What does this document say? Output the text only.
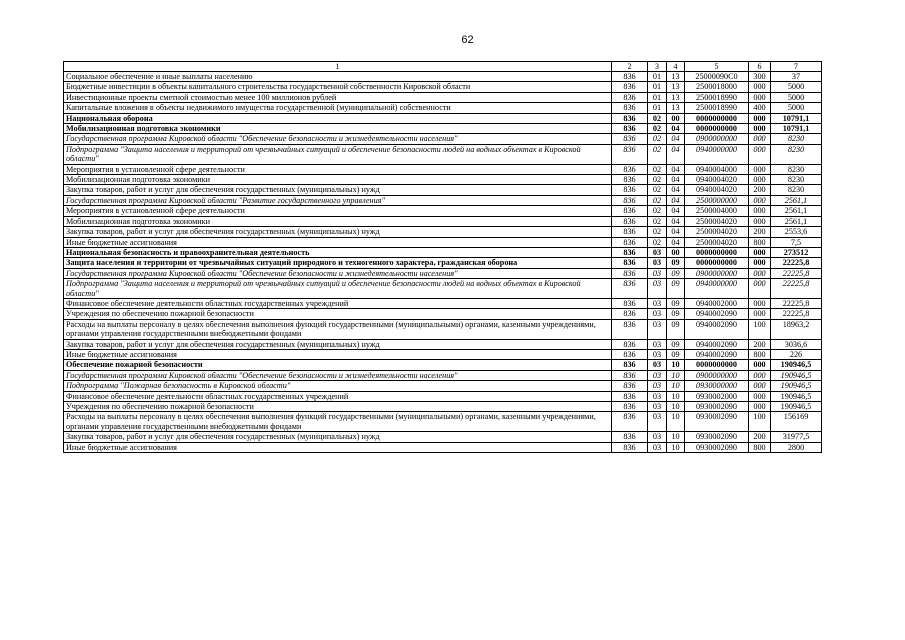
62
1	2	3	4	5	6	7
Социальное обеспечение и иные выплаты населению	836	01	13	25000090С0	300	37
Бюджетные инвестиции в объекты капитального строительства государственной собственности Кировской области	836	01	13	2500018000	000	5000
Инвестиционные проекты сметной стоимостью менее 100 миллионов рублей	836	01	13	2500018990	000	5000
Капитальные вложения в объекты недвижимого имущества государственной (муниципальной) собственности	836	01	13	2500018990	400	5000
Национальная оборона	836	02	00	0000000000	000	10791,1
Мобилизационная подготовка экономики	836	02	04	0000000000	000	10791,1
Государственная программа Кировской области "Обеспечение безопасности и жизнедеятельности населения"	836	02	04	0900000000	000	8230
Подпрограмма "Защита населения и территорий от чрезвычайных ситуаций и обеспечение безопасности людей на водных объектах в Кировской области"	836	02	04	0940000000	000	8230
Мероприятия в установленной сфере деятельности	836	02	04	0940004000	000	8230
Мобилизационная подготовка экономики	836	02	04	0940004020	000	8230
Закупка товаров, работ и услуг для обеспечения государственных (муниципальных) нужд	836	02	04	0940004020	200	8230
Государственная программа Кировской области "Развитие государственного управления"	836	02	04	2500000000	000	2561,1
Мероприятия в установленной сфере деятельности	836	02	04	2500004000	000	2561,1
Мобилизационная подготовка экономики	836	02	04	2500004020	000	2561,1
Закупка товаров, работ и услуг для обеспечения государственных (муниципальных) нужд	836	02	04	2500004020	200	2553,6
Иные бюджетные ассигнования	836	02	04	2500004020	800	7,5
Национальная безопасность и правоохранительная деятельность	836	03	00	0000000000	000	273512
Защита населения и территории от чрезвычайных ситуаций природного и техногенного характера, гражданская оборона	836	03	09	0000000000	000	22225,8
Государственная программа Кировской области "Обеспечение безопасности и жизнедеятельности населения"	836	03	09	0900000000	000	22225,8
Подпрограмма "Защита населения и территорий от чрезвычайных ситуаций и обеспечение безопасности людей на водных объектах в Кировской области"	836	03	09	0940000000	000	22225,8
Финансовое обеспечение деятельности областных государственных учреждений	836	03	09	0940002000	000	22225,8
Учреждения по обеспечению пожарной безопасности	836	03	09	0940002090	000	22225,8
Расходы на выплаты персоналу в целях обеспечения выполнения функций государственными (муниципальными) органами, казенными учреждениями, органами управления государственными внебюджетными фондами	836	03	09	0940002090	100	18963,2
Закупка товаров, работ и услуг для обеспечения государственных (муниципальных) нужд	836	03	09	0940002090	200	3036,6
Иные бюджетные ассигнования	836	03	09	0940002090	800	226
Обеспечение пожарной безопасности	836	03	10	0000000000	000	190946,5
Государственная программа Кировской области "Обеспечение безопасности и жизнедеятельности населения"	836	03	10	0900000000	000	190946,5
Подпрограмма "Пожарная безопасность в Кировской области"	836	03	10	0930000000	000	190946,5
Финансовое обеспечение деятельности областных государственных учреждений	836	03	10	0930002000	000	190946,5
Учреждения по обеспечению пожарной безопасности	836	03	10	0930002090	000	190946,5
Расходы на выплаты персоналу в целях обеспечения выполнения функций государственными (муниципальными) органами, казенными учреждениями, органами управления государственными внебюджетными фондами	836	03	10	0930002090	100	156169
Закупка товаров, работ и услуг для обеспечения государственных (муниципальных) нужд	836	03	10	0930002090	200	31977,5
Иные бюджетные ассигнования	836	03	10	0930002090	800	2800
